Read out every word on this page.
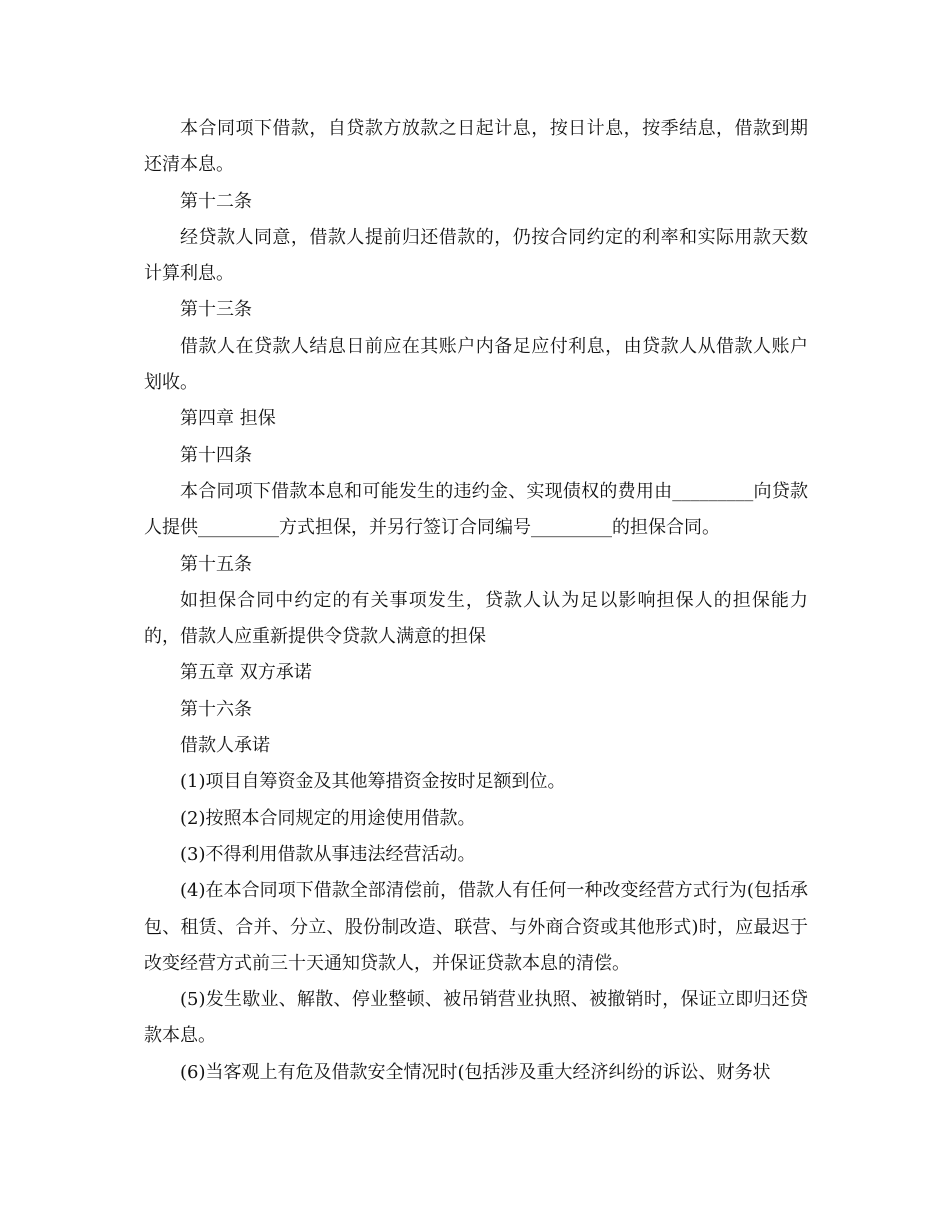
本合同项下借款，自贷款方放款之日起计息，按日计息，按季结息，借款到期还清本息。

第十二条

经贷款人同意，借款人提前归还借款的，仍按合同约定的利率和实际用款天数计算利息。

第十三条

借款人在贷款人结息日前应在其账户内备足应付利息，由贷款人从借款人账户划收。

第四章 担保

第十四条

本合同项下借款本息和可能发生的违约金、实现债权的费用由_________向贷款人提供_________方式担保，并另行签订合同编号_________的担保合同。

第十五条

如担保合同中约定的有关事项发生，贷款人认为足以影响担保人的担保能力的，借款人应重新提供令贷款人满意的担保

第五章 双方承诺

第十六条

借款人承诺

(1)项目自筹资金及其他筹措资金按时足额到位。

(2)按照本合同规定的用途使用借款。

(3)不得利用借款从事违法经营活动。

(4)在本合同项下借款全部清偿前，借款人有任何一种改变经营方式行为(包括承包、租赁、合并、分立、股份制改造、联营、与外商合资或其他形式)时，应最迟于改变经营方式前三十天通知贷款人，并保证贷款本息的清偿。

(5)发生歇业、解散、停业整顿、被吊销营业执照、被撤销时，保证立即归还贷款本息。

(6)当客观上有危及借款安全情况时(包括涉及重大经济纠纷的诉讼、财务状
